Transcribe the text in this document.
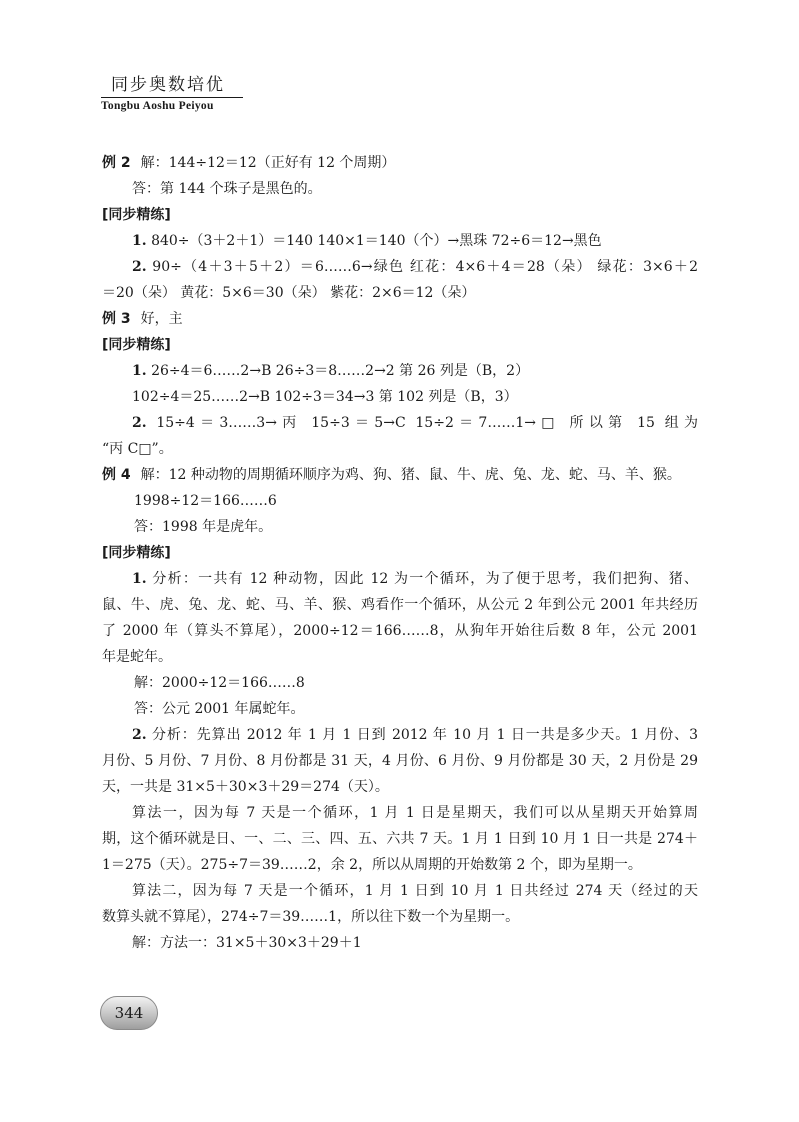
同步奥数培优
Tongbu Aoshu Peiyou
例 2 解：144÷12＝12（正好有 12 个周期）
答：第 144 个珠子是黑色的。
[同步精练]
1. 840÷（3＋2＋1）＝140 140×1＝140（个）→黑珠 72÷6＝12→黑色
2. 90÷（4＋3＋5＋2）＝6……6→绿色 红花：4×6＋4＝28（朵） 绿花：3×6＋2
＝20（朵） 黄花：5×6＝30（朵） 紫花：2×6＝12（朵）
例 3 好，主
[同步精练]
1. 26÷4＝6……2→B 26÷3＝8……2→2 第 26 列是（B，2）
102÷4＝25……2→B 102÷3＝34→3 第 102 列是（B，3）
2. 15÷4＝3……3→丙 15÷3＝5→C 15÷2＝7……1→□ 所以第 15 组为
“丙 C□”。
例 4 解：12 种动物的周期循环顺序为鸡、狗、猪、鼠、牛、虎、兔、龙、蛇、马、羊、猴。
1998÷12＝166……6
答：1998 年是虎年。
[同步精练]
1. 分析：一共有 12 种动物，因此 12 为一个循环，为了便于思考，我们把狗、猪、
鼠、牛、虎、兔、龙、蛇、马、羊、猴、鸡看作一个循环，从公元 2 年到公元 2001 年共经历
了 2000 年（算头不算尾），2000÷12＝166……8，从狗年开始往后数 8 年，公元 2001
年是蛇年。
解：2000÷12＝166……8
答：公元 2001 年属蛇年。
2. 分析：先算出 2012 年 1 月 1 日到 2012 年 10 月 1 日一共是多少天。1 月份、3
月份、5 月份、7 月份、8 月份都是 31 天，4 月份、6 月份、9 月份都是 30 天，2 月份是 29
天，一共是 31×5＋30×3＋29＝274（天）。
算法一，因为每 7 天是一个循环，1 月 1 日是星期天，我们可以从星期天开始算周
期，这个循环就是日、一、二、三、四、五、六共 7 天。1 月 1 日到 10 月 1 日一共是 274＋
1＝275（天）。275÷7＝39……2，余 2，所以从周期的开始数第 2 个，即为星期一。
算法二，因为每 7 天是一个循环，1 月 1 日到 10 月 1 日共经过 274 天（经过的天
数算头就不算尾），274÷7＝39……1，所以往下数一个为星期一。
解：方法一：31×5＋30×3＋29＋1
344
